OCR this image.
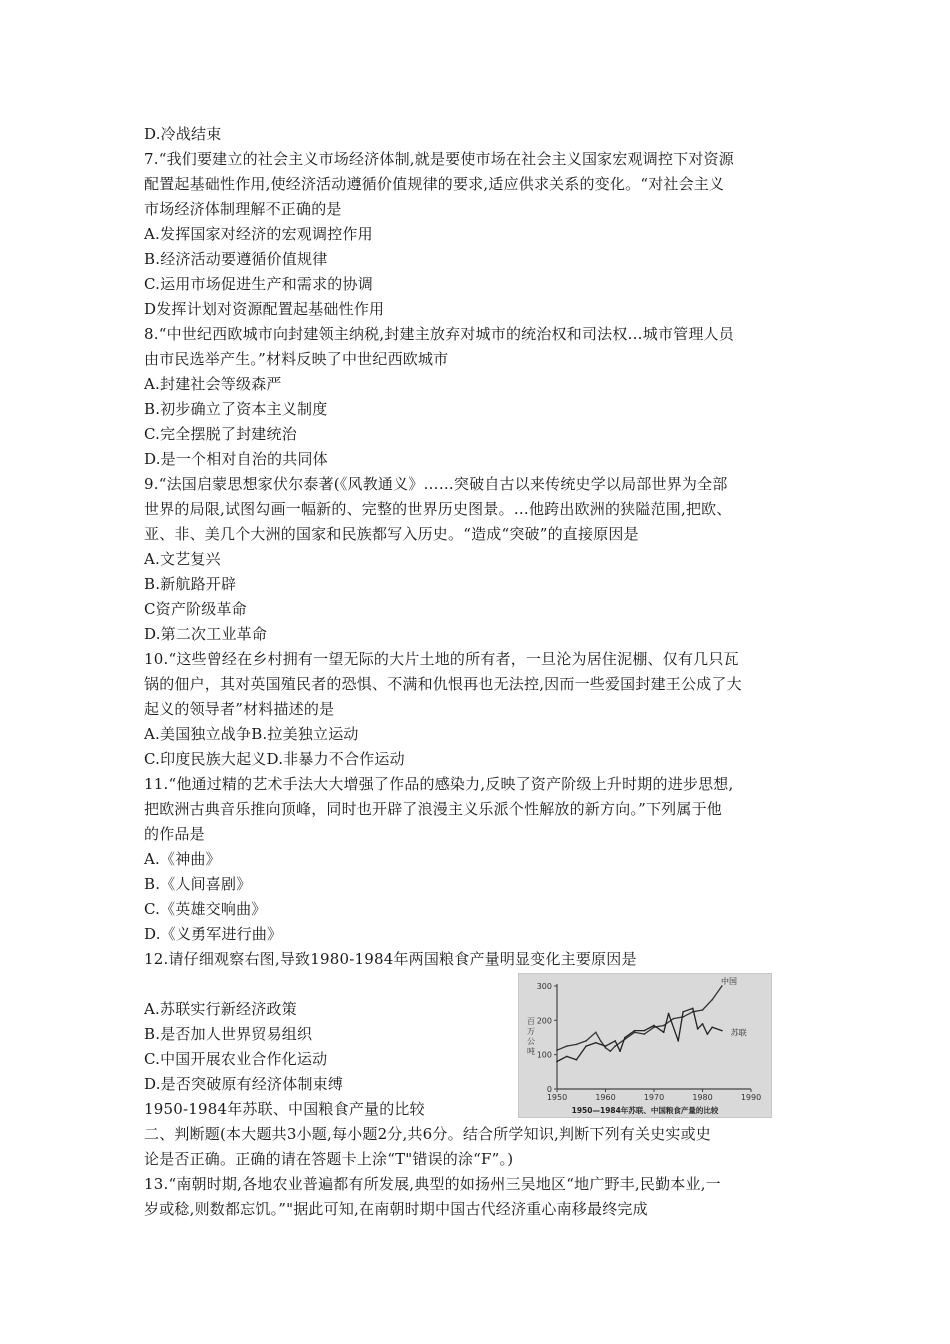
D.冷战结束
7.“我们要建立的社会主义市场经济体制,就是要使市场在社会主义国家宏观调控下对资源
配置起基础性作用,使经济活动遵循价值规律的要求,适应供求关系的变化。“对社会主义
市场经济体制理解不正确的是
A.发挥国家对经济的宏观调控作用
B.经济活动要遵循价值规律
C.运用市场促进生产和需求的协调
D发挥计划对资源配置起基础性作用
8.“中世纪西欧城市向封建领主纳税,封建主放弃对城市的统治权和司法权…城市管理人员
由市民选举产生。”材料反映了中世纪西欧城市
A.封建社会等级森严
B.初步确立了资本主义制度
C.完全摆脱了封建统治
D.是一个相对自治的共同体
9.“法国启蒙思想家伏尔泰著(《风教通义》……突破自古以来传统史学以局部世界为全部
世界的局限,试图勾画一幅新的、完整的世界历史图景。…他跨出欧洲的狭隘范围,把欧、
亚、非、美几个大洲的国家和民族都写入历史。“造成“突破”的直接原因是
A.文艺复兴
B.新航路开辟
C资产阶级革命
D.第二次工业革命
10.“这些曾经在乡村拥有一望无际的大片土地的所有者，一旦沦为居住泥棚、仅有几只瓦
锅的佃户，其对英国殖民者的恐惧、不满和仇恨再也无法控,因而一些爱国封建王公成了大
起义的领导者”材料描述的是
A.美国独立战争B.拉美独立运动
C.印度民族大起义D.非暴力不合作运动
11.“他通过精的艺术手法大大增强了作品的感染力,反映了资产阶级上升时期的进步思想,
把欧洲古典音乐推向顶峰，同时也开辟了浪漫主义乐派个性解放的新方向。”下列属于他
的作品是
A.《神曲》
B.《人间喜剧》
C.《英雄交响曲》
D.《义勇军进行曲》
12.请仔细观察右图,导致1980-1984年两国粮食产量明显变化主要原因是
A.苏联实行新经济政策
B.是否加人世界贸易组织
C.中国开展农业合作化运动
D.是否突破原有经济体制束缚
1950-1984年苏联、中国粮食产量的比较
二、判断题(本大题共3小题,每小题2分,共6分。结合所学知识,判断下列有关史实或史
论是否正确。正确的请在答题卡上涂“T"错误的涂“F”。)
13.“南朝时期,各地农业普遍都有所发展,典型的如扬州三吴地区“地广野丰,民勤本业,一
岁或稔,则数都忘饥。”"据此可知,在南朝时期中国古代经济重心南移最终完成
0
100
200
300
1950	1960	1970	1980	1990
百
万
公
吨
中国
苏联
1950—1984年苏联、中国粮食产量的比较
